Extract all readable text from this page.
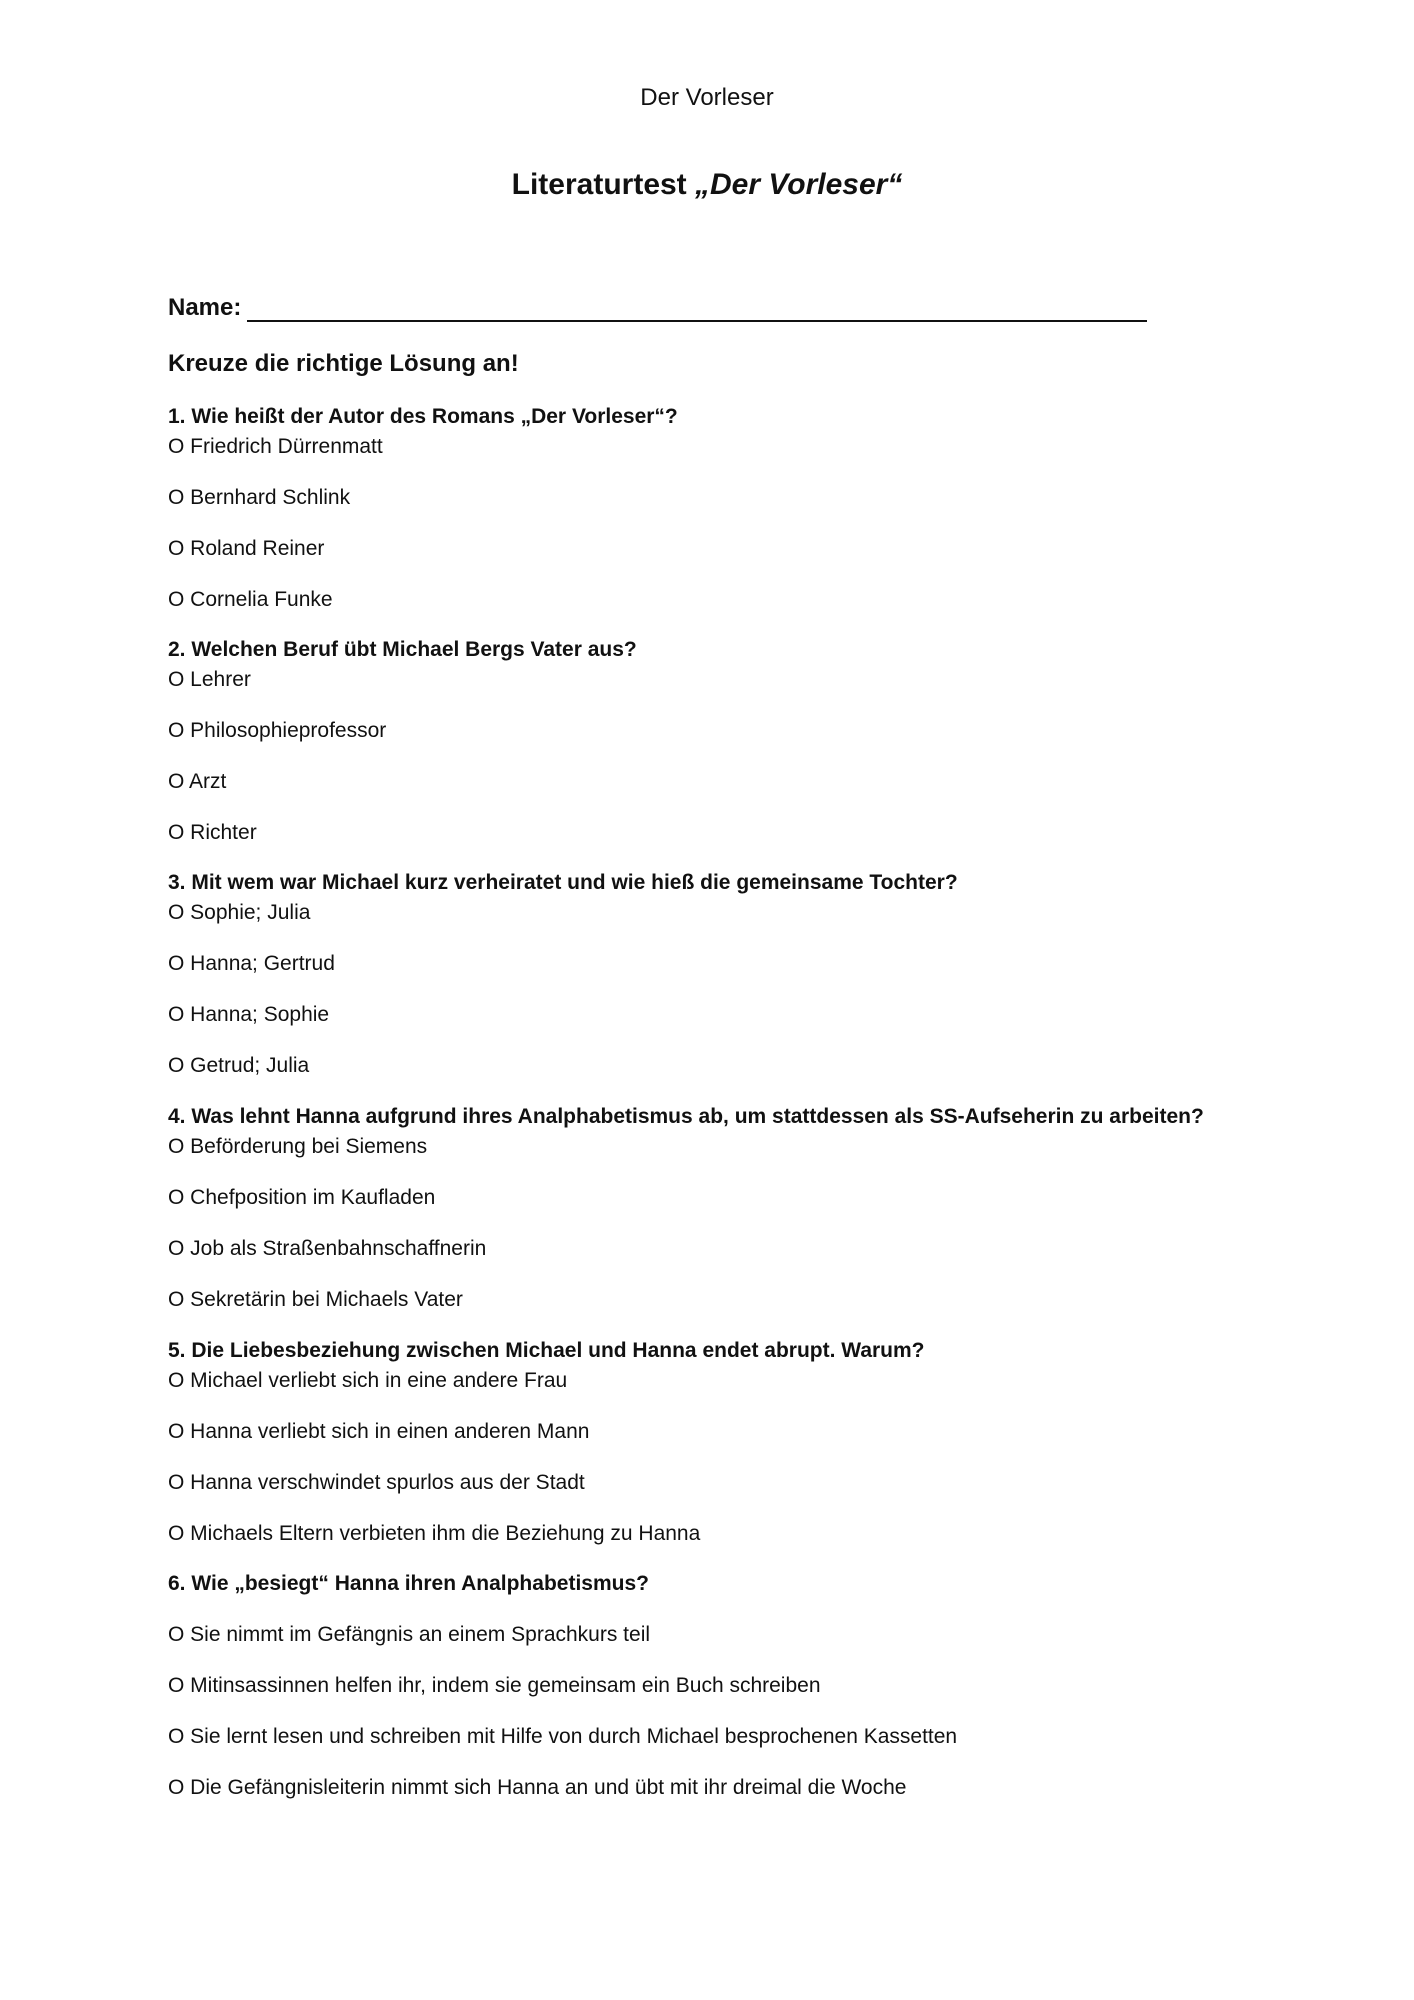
Der Vorleser
Literaturtest „Der Vorleser“
Name:
Kreuze die richtige Lösung an!
1. Wie heißt der Autor des Romans „Der Vorleser“?
O Friedrich Dürrenmatt
O Bernhard Schlink
O Roland Reiner
O Cornelia Funke
2. Welchen Beruf übt Michael Bergs Vater aus?
O Lehrer
O Philosophieprofessor
O Arzt
O Richter
3. Mit wem war Michael kurz verheiratet und wie hieß die gemeinsame Tochter?
O Sophie; Julia
O Hanna; Gertrud
O Hanna; Sophie
O Getrud; Julia
4. Was lehnt Hanna aufgrund ihres Analphabetismus ab, um stattdessen als SS-Aufseherin zu arbeiten?
O Beförderung bei Siemens
O Chefposition im Kaufladen
O Job als Straßenbahnschaffnerin
O Sekretärin bei Michaels Vater
5. Die Liebesbeziehung zwischen Michael und Hanna endet abrupt. Warum?
O Michael verliebt sich in eine andere Frau
O Hanna verliebt sich in einen anderen Mann
O Hanna verschwindet spurlos aus der Stadt
O Michaels Eltern verbieten ihm die Beziehung zu Hanna
6. Wie „besiegt“ Hanna ihren Analphabetismus?
O Sie nimmt im Gefängnis an einem Sprachkurs teil
O Mitinsassinnen helfen ihr, indem sie gemeinsam ein Buch schreiben
O Sie lernt lesen und schreiben mit Hilfe von durch Michael besprochenen Kassetten
O Die Gefängnisleiterin nimmt sich Hanna an und übt mit ihr dreimal die Woche
